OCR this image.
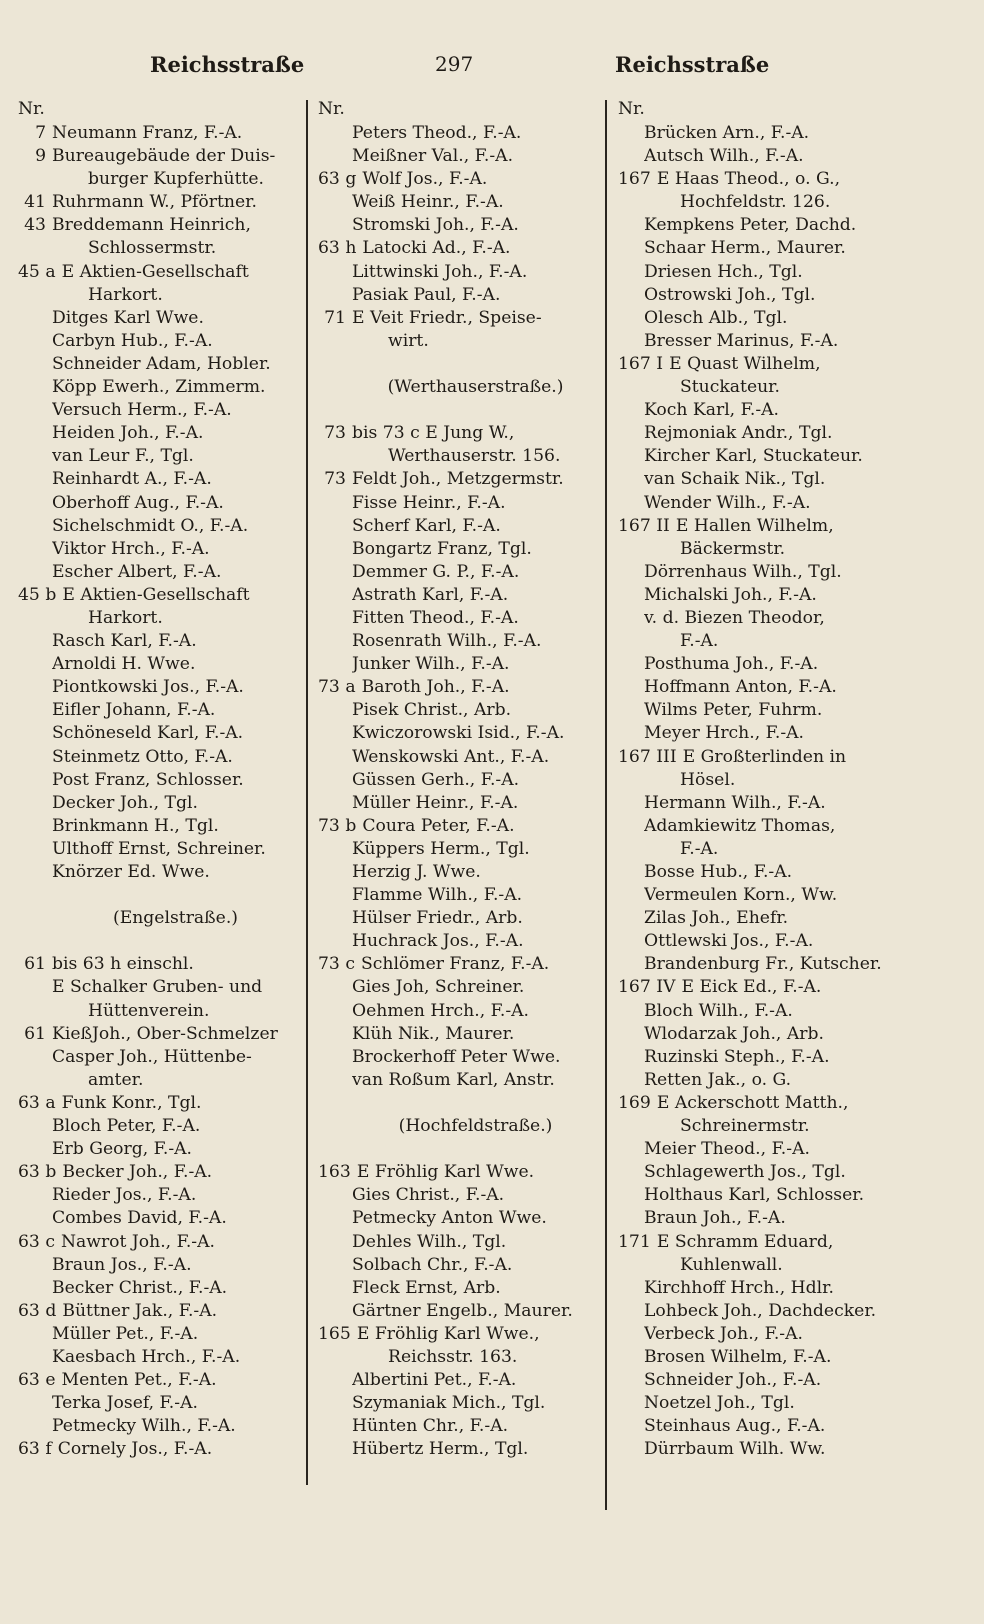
Reichsstraße	297	Reichsstraße
Nr.
7 Neumann Franz, F.-A.
9 Bureaugebäude der Duis-
burger Kupferhütte.
41 Ruhrmann W., Pförtner.
43 Breddemann Heinrich,
Schlossermstr.
45 a E Aktien-Gesellschaft
Harkort.
Ditges Karl Wwe.
Carbyn Hub., F.-A.
Schneider Adam, Hobler.
Köpp Ewerh., Zimmerm.
Versuch Herm., F.-A.
Heiden Joh., F.-A.
van Leur F., Tgl.
Reinhardt A., F.-A.
Oberhoff Aug., F.-A.
Sichelschmidt O., F.-A.
Viktor Hrch., F.-A.
Escher Albert, F.-A.
45 b E Aktien-Gesellschaft
Harkort.
Rasch Karl, F.-A.
Arnoldi H. Wwe.
Piontkowski Jos., F.-A.
Eifler Johann, F.-A.
Schöneseld Karl, F.-A.
Steinmetz Otto, F.-A.
Post Franz, Schlosser.
Decker Joh., Tgl.
Brinkmann H., Tgl.
Ulthoff Ernst, Schreiner.
Knörzer Ed. Wwe.
(Engelstraße.)
61 bis 63 h einschl.
E Schalker Gruben- und
Hüttenverein.
61 KießJoh., Ober-Schmelzer
Casper Joh., Hüttenbe-
amter.
63 a Funk Konr., Tgl.
Bloch Peter, F.-A.
Erb Georg, F.-A.
63 b Becker Joh., F.-A.
Rieder Jos., F.-A.
Combes David, F.-A.
63 c Nawrot Joh., F.-A.
Braun Jos., F.-A.
Becker Christ., F.-A.
63 d Büttner Jak., F.-A.
Müller Pet., F.-A.
Kaesbach Hrch., F.-A.
63 e Menten Pet., F.-A.
Terka Josef, F.-A.
Petmecky Wilh., F.-A.
63 f Cornely Jos., F.-A.
Nr.
Peters Theod., F.-A.
Meißner Val., F.-A.
63 g Wolf Jos., F.-A.
Weiß Heinr., F.-A.
Stromski Joh., F.-A.
63 h Latocki Ad., F.-A.
Littwinski Joh., F.-A.
Pasiak Paul, F.-A.
71 E Veit Friedr., Speise-
wirt.
(Werthauserstraße.)
73 bis 73 c E Jung W.,
Werthauserstr. 156.
73 Feldt Joh., Metzgermstr.
Fisse Heinr., F.-A.
Scherf Karl, F.-A.
Bongartz Franz, Tgl.
Demmer G. P., F.-A.
Astrath Karl, F.-A.
Fitten Theod., F.-A.
Rosenrath Wilh., F.-A.
Junker Wilh., F.-A.
73 a Baroth Joh., F.-A.
Pisek Christ., Arb.
Kwiczorowski Isid., F.-A.
Wenskowski Ant., F.-A.
Güssen Gerh., F.-A.
Müller Heinr., F.-A.
73 b Coura Peter, F.-A.
Küppers Herm., Tgl.
Herzig J. Wwe.
Flamme Wilh., F.-A.
Hülser Friedr., Arb.
Huchrack Jos., F.-A.
73 c Schlömer Franz, F.-A.
Gies Joh, Schreiner.
Oehmen Hrch., F.-A.
Klüh Nik., Maurer.
Brockerhoff Peter Wwe.
van Roßum Karl, Anstr.
(Hochfeldstraße.)
163 E Fröhlig Karl Wwe.
Gies Christ., F.-A.
Petmecky Anton Wwe.
Dehles Wilh., Tgl.
Solbach Chr., F.-A.
Fleck Ernst, Arb.
Gärtner Engelb., Maurer.
165 E Fröhlig Karl Wwe.,
Reichsstr. 163.
Albertini Pet., F.-A.
Szymaniak Mich., Tgl.
Hünten Chr., F.-A.
Hübertz Herm., Tgl.
Nr.
Brücken Arn., F.-A.
Autsch Wilh., F.-A.
167 E Haas Theod., o. G.,
Hochfeldstr. 126.
Kempkens Peter, Dachd.
Schaar Herm., Maurer.
Driesen Hch., Tgl.
Ostrowski Joh., Tgl.
Olesch Alb., Tgl.
Bresser Marinus, F.-A.
167 I E Quast Wilhelm,
Stuckateur.
Koch Karl, F.-A.
Rejmoniak Andr., Tgl.
Kircher Karl, Stuckateur.
van Schaik Nik., Tgl.
Wender Wilh., F.-A.
167 II E Hallen Wilhelm,
Bäckermstr.
Dörrenhaus Wilh., Tgl.
Michalski Joh., F.-A.
v. d. Biezen Theodor,
F.-A.
Posthuma Joh., F.-A.
Hoffmann Anton, F.-A.
Wilms Peter, Fuhrm.
Meyer Hrch., F.-A.
167 III E Großterlinden in
Hösel.
Hermann Wilh., F.-A.
Adamkiewitz Thomas,
F.-A.
Bosse Hub., F.-A.
Vermeulen Korn., Ww.
Zilas Joh., Ehefr.
Ottlewski Jos., F.-A.
Brandenburg Fr., Kutscher.
167 IV E Eick Ed., F.-A.
Bloch Wilh., F.-A.
Wlodarzak Joh., Arb.
Ruzinski Steph., F.-A.
Retten Jak., o. G.
169 E Ackerschott Matth.,
Schreinermstr.
Meier Theod., F.-A.
Schlagewerth Jos., Tgl.
Holthaus Karl, Schlosser.
Braun Joh., F.-A.
171 E Schramm Eduard,
Kuhlenwall.
Kirchhoff Hrch., Hdlr.
Lohbeck Joh., Dachdecker.
Verbeck Joh., F.-A.
Brosen Wilhelm, F.-A.
Schneider Joh., F.-A.
Noetzel Joh., Tgl.
Steinhaus Aug., F.-A.
Dürrbaum Wilh. Ww.
